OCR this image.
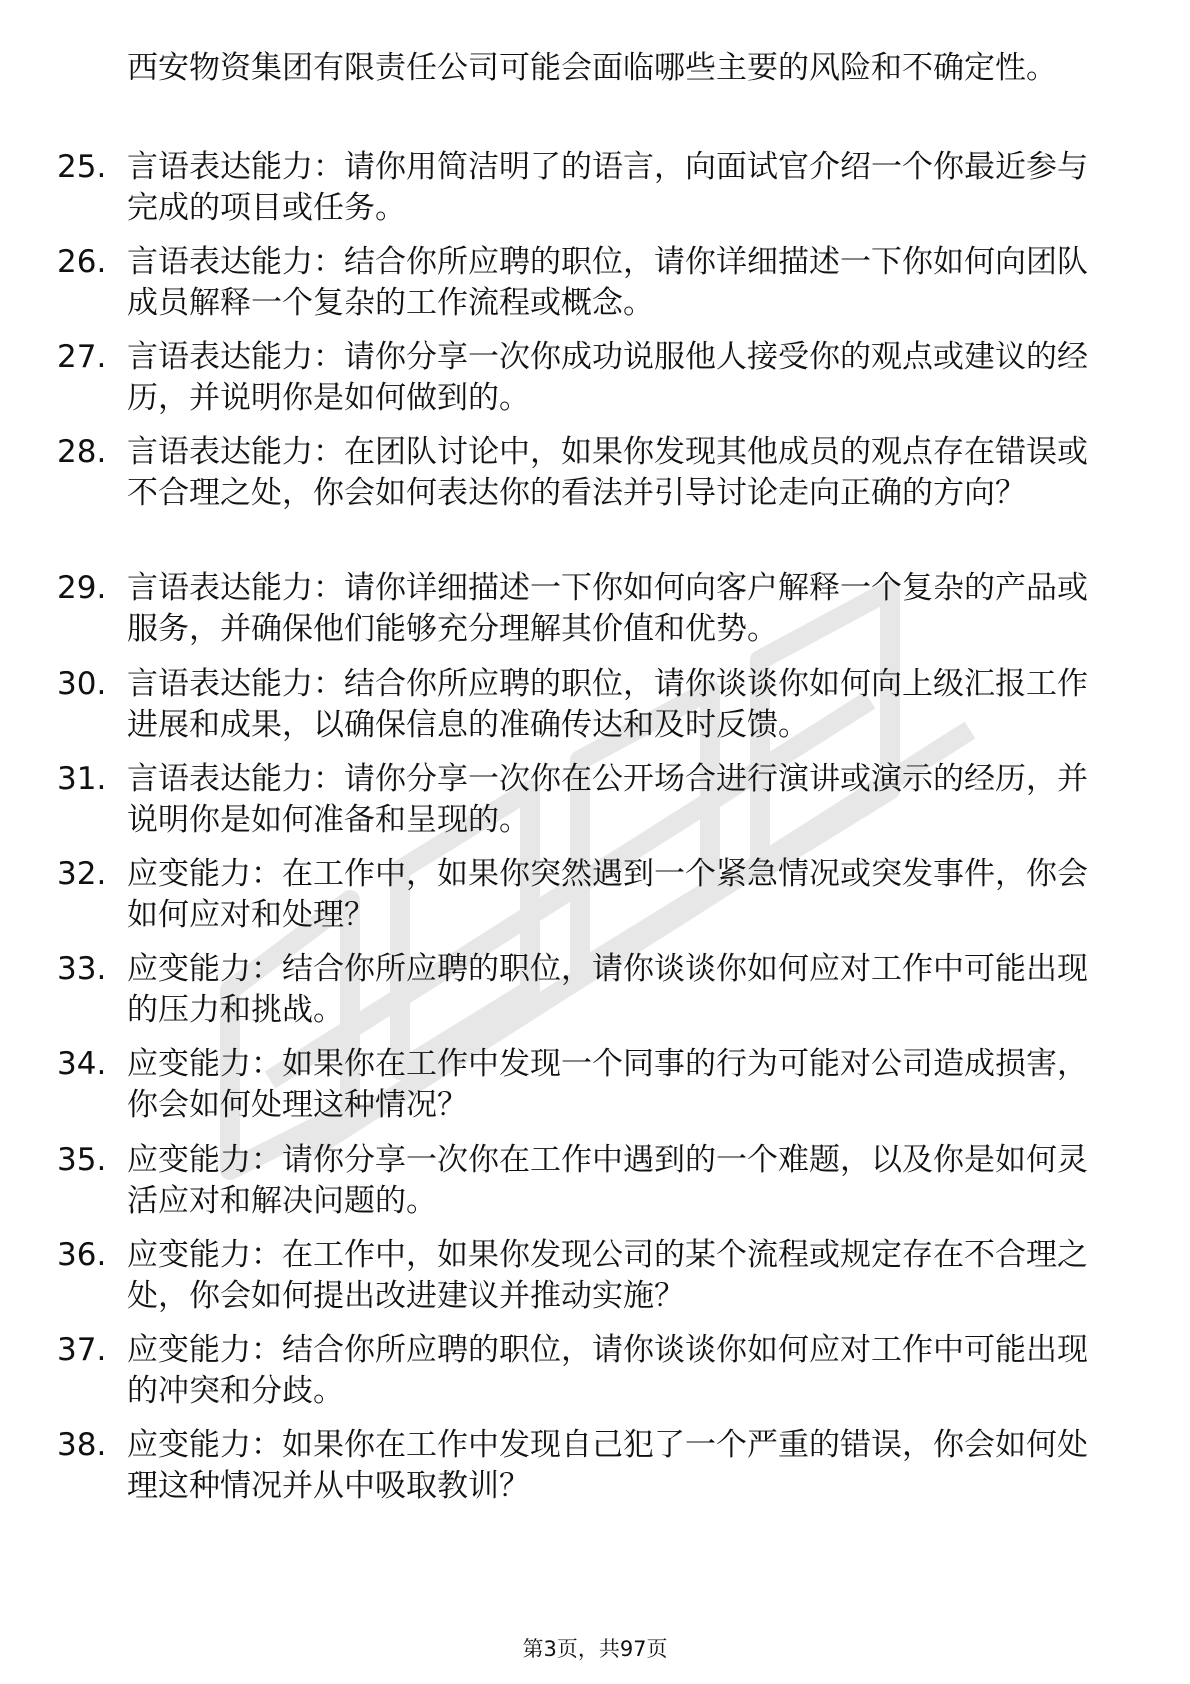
西安物资集团有限责任公司可能会面临哪些主要的风险和不确定性。
25. 言语表达能力：请你用简洁明了的语言，向面试官介绍一个你最近参与完成的项目或任务。
26. 言语表达能力：结合你所应聘的职位，请你详细描述一下你如何向团队成员解释一个复杂的工作流程或概念。
27. 言语表达能力：请你分享一次你成功说服他人接受你的观点或建议的经历，并说明你是如何做到的。
28. 言语表达能力：在团队讨论中，如果你发现其他成员的观点存在错误或不合理之处，你会如何表达你的看法并引导讨论走向正确的方向？
29. 言语表达能力：请你详细描述一下你如何向客户解释一个复杂的产品或服务，并确保他们能够充分理解其价值和优势。
30. 言语表达能力：结合你所应聘的职位，请你谈谈你如何向上级汇报工作进展和成果，以确保信息的准确传达和及时反馈。
31. 言语表达能力：请你分享一次你在公开场合进行演讲或演示的经历，并说明你是如何准备和呈现的。
32. 应变能力：在工作中，如果你突然遇到一个紧急情况或突发事件，你会如何应对和处理？
33. 应变能力：结合你所应聘的职位，请你谈谈你如何应对工作中可能出现的压力和挑战。
34. 应变能力：如果你在工作中发现一个同事的行为可能对公司造成损害，你会如何处理这种情况？
35. 应变能力：请你分享一次你在工作中遇到的一个难题，以及你是如何灵活应对和解决问题的。
36. 应变能力：在工作中，如果你发现公司的某个流程或规定存在不合理之处，你会如何提出改进建议并推动实施？
37. 应变能力：结合你所应聘的职位，请你谈谈你如何应对工作中可能出现的冲突和分歧。
38. 应变能力：如果你在工作中发现自己犯了一个严重的错误，你会如何处理这种情况并从中吸取教训？
第3页，共97页
